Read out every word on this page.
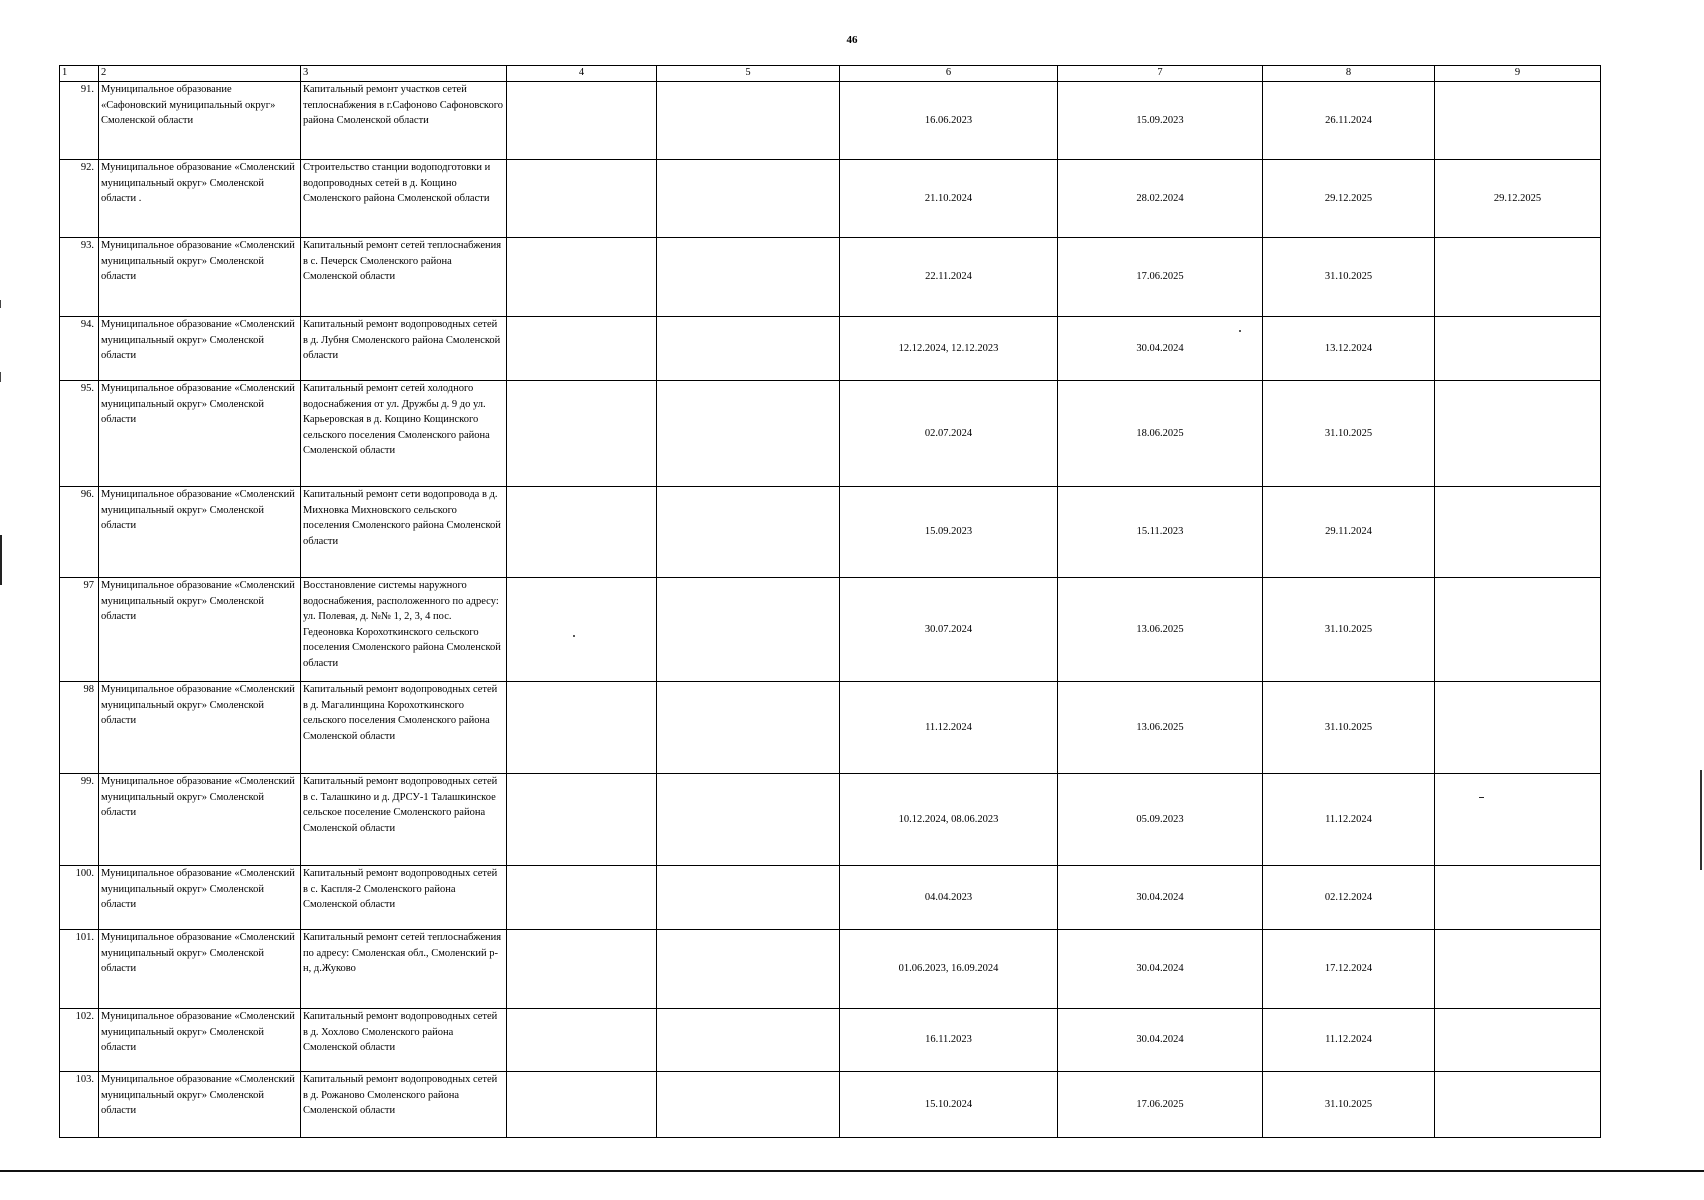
46
1	2	3	4	5	6	7	8	9
91.	Муниципальное образование «Сафоновский муниципальный округ» Смоленской области	Капитальный ремонт участков сетей теплоснабжения в г.Сафоново Сафоновского района Смоленской области			16.06.2023	15.09.2023	26.11.2024	
92.	Муниципальное образование «Смоленский муниципальный округ» Смоленской области .	Строительство станции водоподготовки и водопроводных сетей в д. Кощино Смоленского района Смоленской области			21.10.2024	28.02.2024	29.12.2025	29.12.2025
93.	Муниципальное образование «Смоленский муниципальный округ» Смоленской области	Капитальный ремонт сетей теплоснабжения в с. Печерск Смоленского района Смоленской области			22.11.2024	17.06.2025	31.10.2025	
94.	Муниципальное образование «Смоленский муниципальный округ» Смоленской области	Капитальный ремонт водопроводных сетей в д. Лубня Смоленского района Смоленской области			12.12.2024, 12.12.2023	30.04.2024	13.12.2024	
95.	Муниципальное образование «Смоленский муниципальный округ» Смоленской области	Капитальный ремонт сетей холодного водоснабжения от ул. Дружбы д. 9 до ул. Карьеровская в д. Кощино Кощинского сельского поселения Смоленского района Смоленской области			02.07.2024	18.06.2025	31.10.2025	
96.	Муниципальное образование «Смоленский муниципальный округ» Смоленской области	Капитальный ремонт сети водопровода в д. Михновка Михновского сельского поселения Смоленского района Смоленской области			15.09.2023	15.11.2023	29.11.2024	
97	Муниципальное образование «Смоленский муниципальный округ» Смоленской области	Восстановление системы наружного водоснабжения, расположенного по адресу: ул. Полевая, д. №№ 1, 2, 3, 4 пос. Гедеоновка Корохоткинского сельского поселения Смоленского района Смоленской области			30.07.2024	13.06.2025	31.10.2025	
98	Муниципальное образование «Смоленский муниципальный округ» Смоленской области	Капитальный ремонт водопроводных сетей в д. Магалинщина Корохоткинского сельского поселения Смоленского района Смоленской области			11.12.2024	13.06.2025	31.10.2025	
99.	Муниципальное образование «Смоленский муниципальный округ» Смоленской области	Капитальный ремонт водопроводных сетей в с. Талашкино и д. ДРСУ-1 Талашкинское сельское поселение Смоленского района Смоленской области			10.12.2024, 08.06.2023	05.09.2023	11.12.2024	
100.	Муниципальное образование «Смоленский муниципальный округ» Смоленской области	Капитальный ремонт водопроводных сетей в с. Каспля-2 Смоленского района Смоленской области			04.04.2023	30.04.2024	02.12.2024	
101.	Муниципальное образование «Смоленский муниципальный округ» Смоленской области	Капитальный ремонт сетей теплоснабжения по адресу: Смоленская обл., Смоленский р-н, д.Жуково			01.06.2023, 16.09.2024	30.04.2024	17.12.2024	
102.	Муниципальное образование «Смоленский муниципальный округ» Смоленской области	Капитальный ремонт водопроводных сетей в д. Хохлово Смоленского района Смоленской области			16.11.2023	30.04.2024	11.12.2024	
103.	Муниципальное образование «Смоленский муниципальный округ» Смоленской области	Капитальный ремонт водопроводных сетей в д. Рожаново Смоленского района Смоленской области			15.10.2024	17.06.2025	31.10.2025	
